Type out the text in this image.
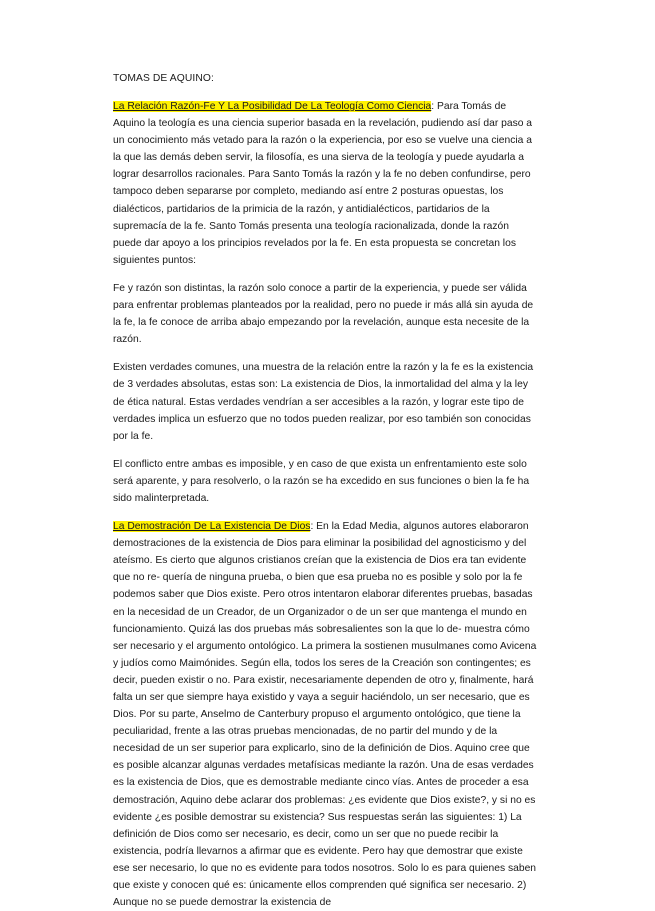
TOMAS DE AQUINO:

La Relación Razón-Fe Y La Posibilidad De La Teología Como Ciencia: Para Tomás de Aquino la teología es una ciencia superior basada en la revelación, pudiendo así dar paso a un conocimiento más vetado para la razón o la experiencia, por eso se vuelve una ciencia a la que las demás deben servir, la filosofía, es una sierva de la teología y puede ayudarla a lograr desarrollos racionales. Para Santo Tomás la razón y la fe no deben confundirse, pero tampoco deben separarse por completo, mediando así entre 2 posturas opuestas, los dialécticos, partidarios de la primicia de la razón, y antidialécticos, partidarios de la supremacía de la fe. Santo Tomás presenta una teología racionalizada, donde la razón puede dar apoyo a los principios revelados por la fe. En esta propuesta se concretan los siguientes puntos:

Fe y razón son distintas, la razón solo conoce a partir de la experiencia, y puede ser válida para enfrentar problemas planteados por la realidad, pero no puede ir más allá sin ayuda de la fe, la fe conoce de arriba abajo empezando por la revelación, aunque esta necesite de la razón.

Existen verdades comunes, una muestra de la relación entre la razón y la fe es la existencia de 3 verdades absolutas, estas son: La existencia de Dios, la inmortalidad del alma y la ley de ética natural. Estas verdades vendrían a ser accesibles a la razón, y lograr este tipo de verdades implica un esfuerzo que no todos pueden realizar, por eso también son conocidas por la fe.

El conflicto entre ambas es imposible, y en caso de que exista un enfrentamiento este solo será aparente, y para resolverlo, o la razón se ha excedido en sus funciones o bien la fe ha sido malinterpretada.

La Demostración De La Existencia De Dios: En la Edad Media, algunos autores elaboraron demostraciones de la existencia de Dios para eliminar la posibilidad del agnosticismo y del ateísmo. Es cierto que algunos cristianos creían que la existencia de Dios era tan evidente que no re- quería de ninguna prueba, o bien que esa prueba no es posible y solo por la fe podemos saber que Dios existe. Pero otros intentaron elaborar diferentes pruebas, basadas en la necesidad de un Creador, de un Organizador o de un ser que mantenga el mundo en funcionamiento. Quizá las dos pruebas más sobresalientes son la que lo de- muestra cómo ser necesario y el argumento ontológico. La primera la sostienen musulmanes como Avicena y judíos como Maimónides. Según ella, todos los seres de la Creación son contingentes; es decir, pueden existir o no. Para existir, necesariamente dependen de otro y, finalmente, hará falta un ser que siempre haya existido y vaya a seguir haciéndolo, un ser necesario, que es Dios. Por su parte, Anselmo de Canterbury propuso el argumento ontológico, que tiene la peculiaridad, frente a las otras pruebas mencionadas, de no partir del mundo y de la necesidad de un ser superior para explicarlo, sino de la definición de Dios. Aquino cree que es posible alcanzar algunas verdades metafísicas mediante la razón. Una de esas verdades es la existencia de Dios, que es demostrable mediante cinco vías. Antes de proceder a esa demostración, Aquino debe aclarar dos problemas: ¿es evidente que Dios existe?, y si no es evidente ¿es posible demostrar su existencia? Sus respuestas serán las siguientes: 1) La definición de Dios como ser necesario, es decir, como un ser que no puede recibir la existencia, podría llevarnos a afirmar que es evidente. Pero hay que demostrar que existe ese ser necesario, lo que no es evidente para todos nosotros. Solo lo es para quienes saben que existe y conocen qué es: únicamente ellos comprenden qué significa ser necesario. 2) Aunque no se puede demostrar la existencia de
